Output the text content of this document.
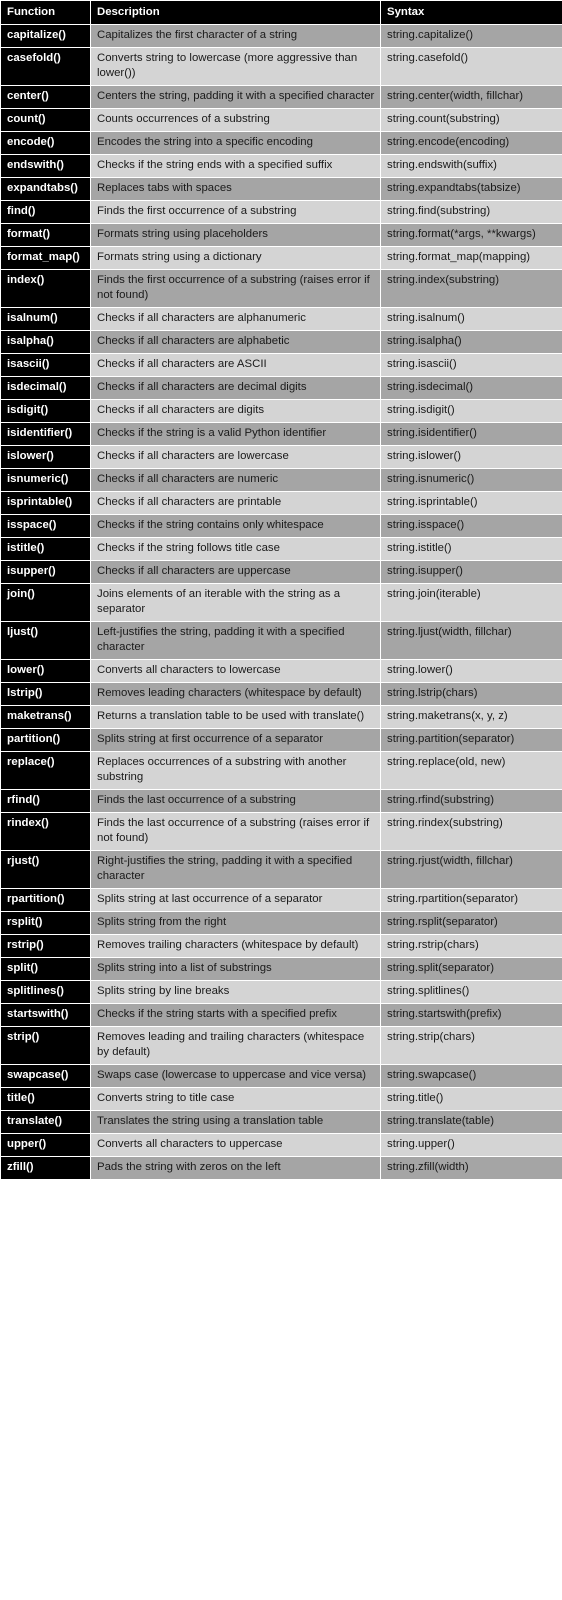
Function	Description	Syntax
capitalize()	Capitalizes the first character of a string	string.capitalize()
casefold()	Converts string to lowercase (more aggressive than lower())	string.casefold()
center()	Centers the string, padding it with a specified character	string.center(width, fillchar)
count()	Counts occurrences of a substring	string.count(substring)
encode()	Encodes the string into a specific encoding	string.encode(encoding)
endswith()	Checks if the string ends with a specified suffix	string.endswith(suffix)
expandtabs()	Replaces tabs with spaces	string.expandtabs(tabsize)
find()	Finds the first occurrence of a substring	string.find(substring)
format()	Formats string using placeholders	string.format(*args, **kwargs)
format_map()	Formats string using a dictionary	string.format_map(mapping)
index()	Finds the first occurrence of a substring (raises error if not found)	string.index(substring)
isalnum()	Checks if all characters are alphanumeric	string.isalnum()
isalpha()	Checks if all characters are alphabetic	string.isalpha()
isascii()	Checks if all characters are ASCII	string.isascii()
isdecimal()	Checks if all characters are decimal digits	string.isdecimal()
isdigit()	Checks if all characters are digits	string.isdigit()
isidentifier()	Checks if the string is a valid Python identifier	string.isidentifier()
islower()	Checks if all characters are lowercase	string.islower()
isnumeric()	Checks if all characters are numeric	string.isnumeric()
isprintable()	Checks if all characters are printable	string.isprintable()
isspace()	Checks if the string contains only whitespace	string.isspace()
istitle()	Checks if the string follows title case	string.istitle()
isupper()	Checks if all characters are uppercase	string.isupper()
join()	Joins elements of an iterable with the string as a separator	string.join(iterable)
ljust()	Left-justifies the string, padding it with a specified character	string.ljust(width, fillchar)
lower()	Converts all characters to lowercase	string.lower()
lstrip()	Removes leading characters (whitespace by default)	string.lstrip(chars)
maketrans()	Returns a translation table to be used with translate()	string.maketrans(x, y, z)
partition()	Splits string at first occurrence of a separator	string.partition(separator)
replace()	Replaces occurrences of a substring with another substring	string.replace(old, new)
rfind()	Finds the last occurrence of a substring	string.rfind(substring)
rindex()	Finds the last occurrence of a substring (raises error if not found)	string.rindex(substring)
rjust()	Right-justifies the string, padding it with a specified character	string.rjust(width, fillchar)
rpartition()	Splits string at last occurrence of a separator	string.rpartition(separator)
rsplit()	Splits string from the right	string.rsplit(separator)
rstrip()	Removes trailing characters (whitespace by default)	string.rstrip(chars)
split()	Splits string into a list of substrings	string.split(separator)
splitlines()	Splits string by line breaks	string.splitlines()
startswith()	Checks if the string starts with a specified prefix	string.startswith(prefix)
strip()	Removes leading and trailing characters (whitespace by default)	string.strip(chars)
swapcase()	Swaps case (lowercase to uppercase and vice versa)	string.swapcase()
title()	Converts string to title case	string.title()
translate()	Translates the string using a translation table	string.translate(table)
upper()	Converts all characters to uppercase	string.upper()
zfill()	Pads the string with zeros on the left	string.zfill(width)
